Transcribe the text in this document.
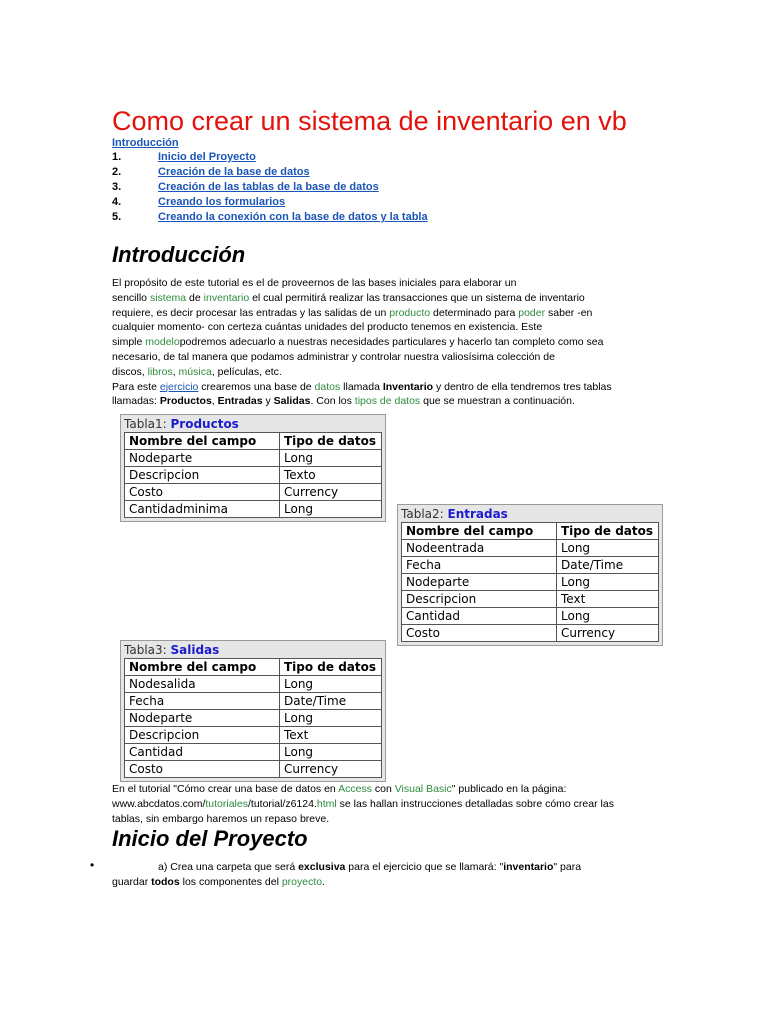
Como crear un sistema de inventario en vb
Introducción
1.	Inicio del Proyecto
2.	Creación de la base de datos
3.	Creación de las tablas de la base de datos
4.	Creando los formularios
5.	Creando la conexión con la base de datos y la tabla
Introducción
El propósito de este tutorial es el de proveernos de las bases iniciales para elaborar un
sencillo sistema de inventario el cual permitirá realizar las transacciones que un sistema de inventario
requiere, es decir procesar las entradas y las salidas de un producto determinado para poder saber -en
cualquier momento- con certeza cuántas unidades del producto tenemos en existencia. Este
simple modelopodremos adecuarlo a nuestras necesidades particulares y hacerlo tan completo como sea
necesario, de tal manera que podamos administrar y controlar nuestra valiosísima colección de
discos, libros, música, películas, etc.
Para este ejercicio crearemos una base de datos llamada Inventario y dentro de ella tendremos tres tablas
llamadas: Productos, Entradas y Salidas. Con los tipos de datos que se muestran a continuación.
Tabla1: Productos
Nombre del campo	Tipo de datos
Nodeparte	Long
Descripcion	Texto
Costo	Currency
Cantidadminima	Long	Tabla2: Entradas
Nombre del campo	Tipo de datos
Nodeentrada	Long
Fecha	Date/Time
Nodeparte	Long
Descripcion	Text
Cantidad	Long
Costo	Currency
Tabla3: Salidas
Nombre del campo	Tipo de datos
Nodesalida	Long
Fecha	Date/Time
Nodeparte	Long
Descripcion	Text
Cantidad	Long
Costo	Currency
En el tutorial "Cómo crear una base de datos en Access con Visual Basic" publicado en la página:
www.abcdatos.com/tutoriales/tutorial/z6124.html se las hallan instrucciones detalladas sobre cómo crear las
tablas, sin embargo haremos un repaso breve.
Inicio del Proyecto
•	a) Crea una carpeta que será exclusiva para el ejercicio que se llamará: "inventario" para
guardar todos los componentes del proyecto.
